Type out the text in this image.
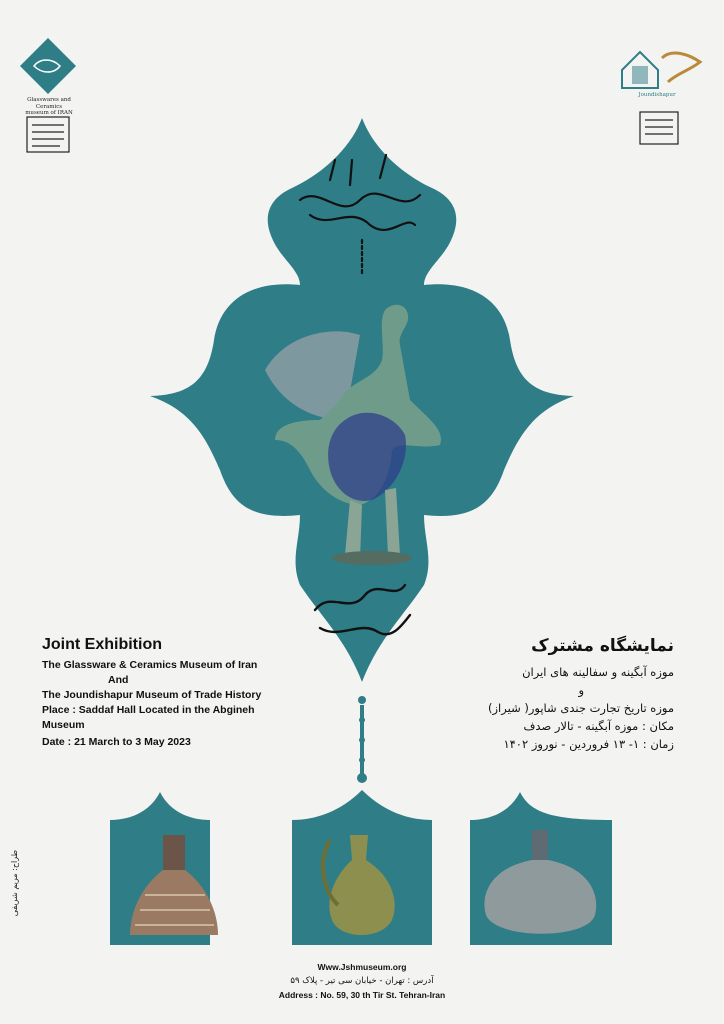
Glasswares and Ceramics
museum of IRAN
Joundishapur
Joint Exhibition
The Glassware & Ceramics Museum of Iran
And
The Joundishapur Museum of Trade History
Place : Saddaf Hall Located in the Abgineh
Museum
Date : 21 March to 3 May 2023
نمایشگاه مشترک
موزه آبگینه و سفالینه های ایران
و
موزه تاریخ تجارت جندی شاپور( شیراز)
مکان : موزه آبگینه - تالار صدف
زمان : ۱- ۱۳ فروردین - نوروز ۱۴۰۲
طراح: مریم شریفی
Www.Jshmuseum.org
آدرس : تهران - خیابان سی تیر - پلاک ۵۹
Address : No. 59, 30 th Tir St. Tehran-Iran
